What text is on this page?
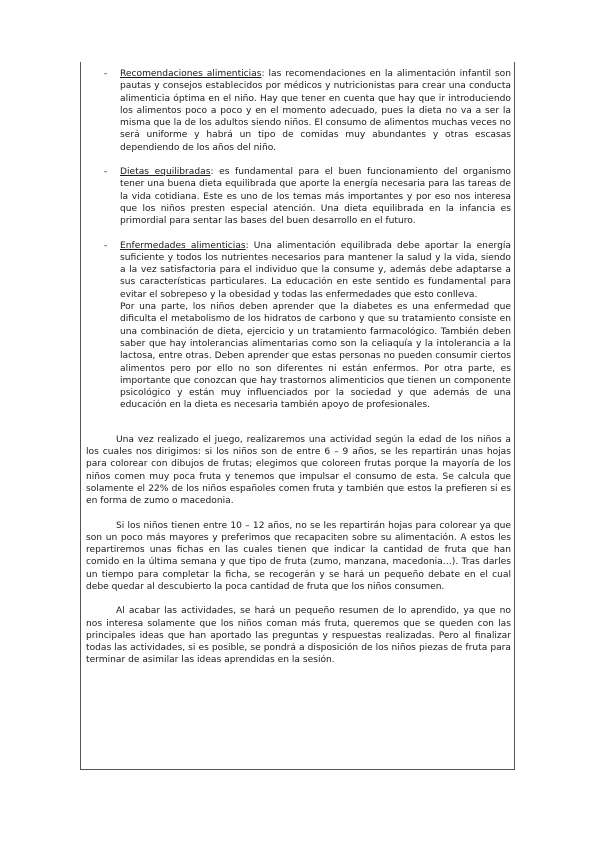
- Recomendaciones alimenticias: las recomendaciones en la alimentación infantil son pautas y consejos establecidos por médicos y nutricionistas para crear una conducta alimenticia óptima en el niño. Hay que tener en cuenta que hay que ir introduciendo los alimentos poco a poco y en el momento adecuado, pues la dieta no va a ser la misma que la de los adultos siendo niños. El consumo de alimentos muchas veces no será uniforme y habrá un tipo de comidas muy abundantes y otras escasas dependiendo de los años del niño.

- Dietas equilibradas: es fundamental para el buen funcionamiento del organismo tener una buena dieta equilibrada que aporte la energía necesaria para las tareas de la vida cotidiana. Este es uno de los temas más importantes y por eso nos interesa que los niños presten especial atención. Una dieta equilibrada en la infancia es primordial para sentar las bases del buen desarrollo en el futuro.

- Enfermedades alimenticias: Una alimentación equilibrada debe aportar la energía suficiente y todos los nutrientes necesarios para mantener la salud y la vida, siendo a la vez satisfactoria para el individuo que la consume y, además debe adaptarse a sus características particulares. La educación en este sentido es fundamental para evitar el sobrepeso y la obesidad y todas las enfermedades que esto conlleva.

Por una parte, los niños deben aprender que la diabetes es una enfermedad que dificulta el metabolismo de los hidratos de carbono y que su tratamiento consiste en una combinación de dieta, ejercicio y un tratamiento farmacológico. También deben saber que hay intolerancias alimentarias como son la celiaquía y la intolerancia a la lactosa, entre otras. Deben aprender que estas personas no pueden consumir ciertos alimentos pero por ello no son diferentes ni están enfermos. Por otra parte, es importante que conozcan que hay trastornos alimenticios que tienen un componente psicológico y están muy influenciados por la sociedad y que además de una educación en la dieta es necesaria también apoyo de profesionales.

Una vez realizado el juego, realizaremos una actividad según la edad de los niños a los cuales nos dirigimos: si los niños son de entre 6 – 9 años, se les repartirán unas hojas para colorear con dibujos de frutas; elegimos que coloreen frutas porque la mayoría de los niños comen muy poca fruta y tenemos que impulsar el consumo de esta. Se calcula que solamente el 22% de los niños españoles comen fruta y también que estos la prefieren si es en forma de zumo o macedonia.

Si los niños tienen entre 10 – 12 años, no se les repartirán hojas para colorear ya que son un poco más mayores y preferimos que recapaciten sobre su alimentación. A estos les repartiremos unas fichas en las cuales tienen que indicar la cantidad de fruta que han comido en la última semana y que tipo de fruta (zumo, manzana, macedonia…). Tras darles un tiempo para completar la ficha, se recogerán y se hará un pequeño debate en el cual debe quedar al descubierto la poca cantidad de fruta que los niños consumen.

Al acabar las actividades, se hará un pequeño resumen de lo aprendido, ya que no nos interesa solamente que los niños coman más fruta, queremos que se queden con las principales ideas que han aportado las preguntas y respuestas realizadas. Pero al finalizar todas las actividades, si es posible, se pondrá a disposición de los niños piezas de fruta para terminar de asimilar las ideas aprendidas en la sesión.
